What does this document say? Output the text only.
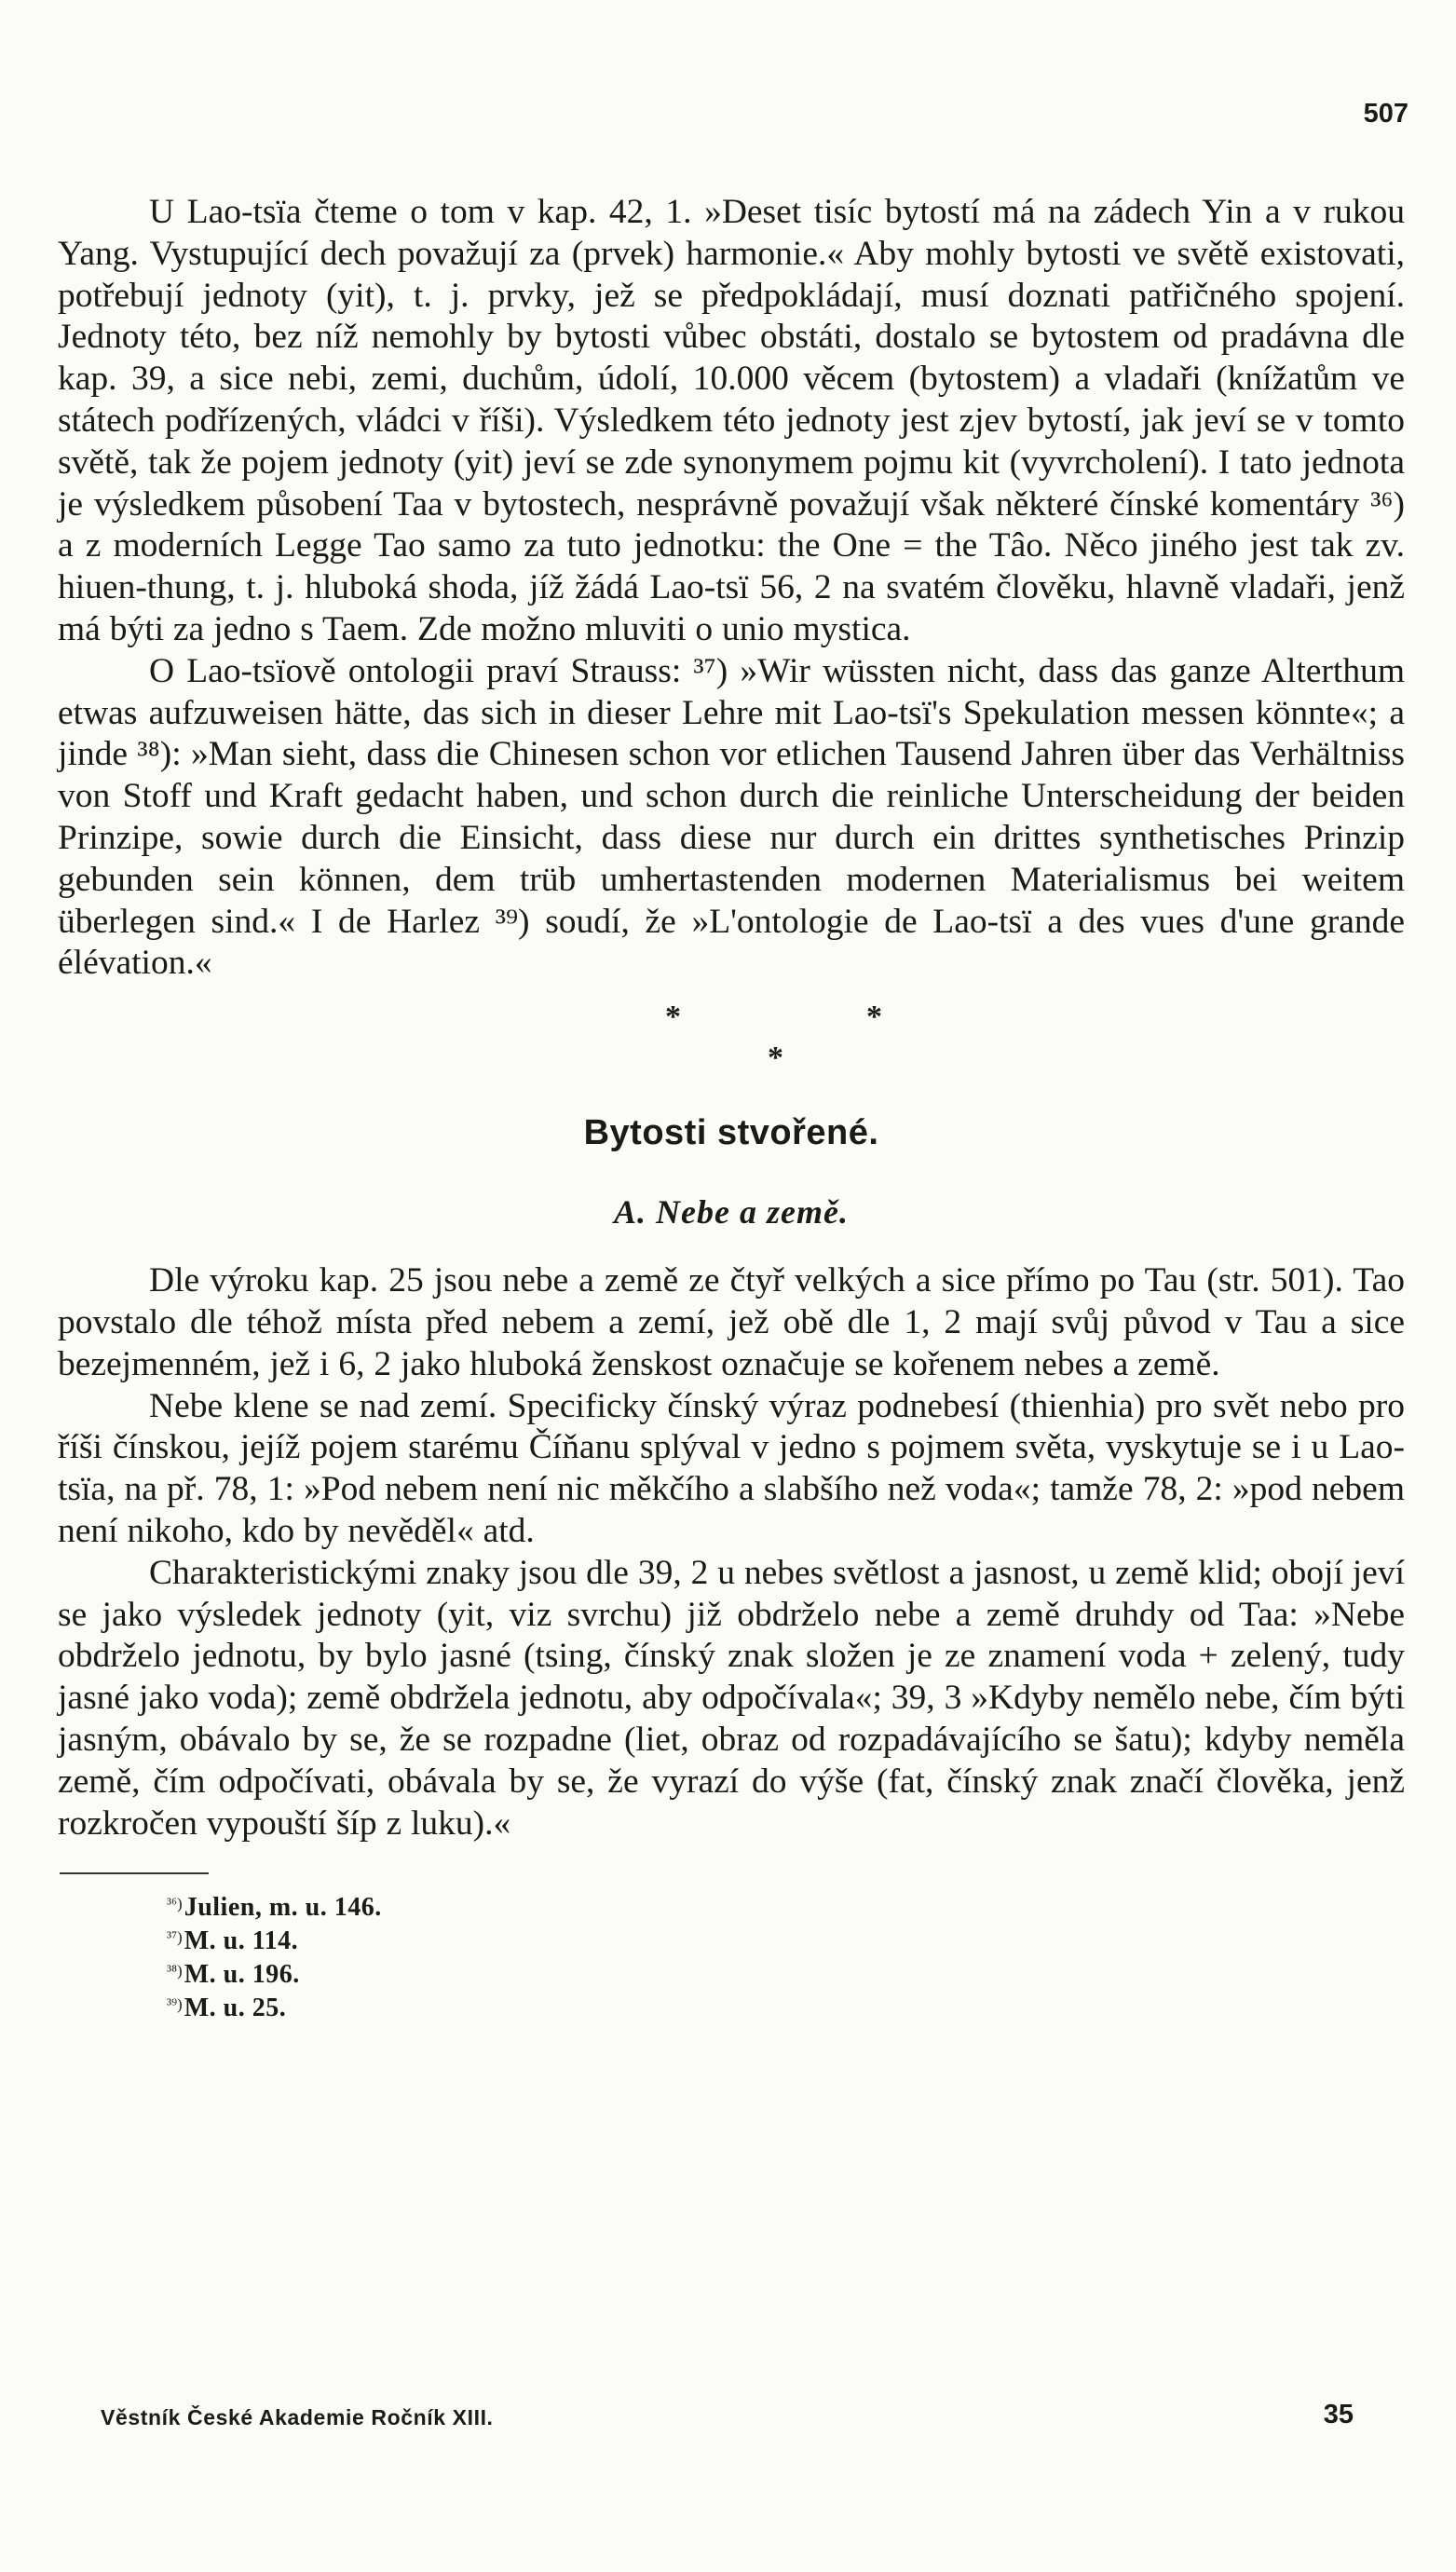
507

U Lao-tsïa čteme o tom v kap. 42, 1. »Deset tisíc bytostí má na zádech Yin a v rukou Yang. Vystupující dech považují za (prvek) harmonie.« Aby mohly bytosti ve světě existovati, potřebují jednoty (yit), t. j. prvky, jež se předpokládají, musí doznati patřičného spojení. Jednoty této, bez níž nemohly by bytosti vůbec obstáti, dostalo se bytostem od pradávna dle kap. 39, a sice nebi, zemi, duchům, údolí, 10.000 věcem (bytostem) a vladaři (knížatům ve státech podřízených, vládci v říši). Výsledkem této jednoty jest zjev bytostí, jak jeví se v tomto světě, tak že pojem jednoty (yit) jeví se zde synonymem pojmu kit (vyvrcholení). I tato jednota je výsledkem působení Taa v bytostech, nesprávně považují však některé čínské komentáry ³⁶) a z moderních Legge Tao samo za tuto jednotku: the One = the Tâo. Něco jiného jest tak zv. hiuen-thung, t. j. hluboká shoda, jíž žádá Lao-tsï 56, 2 na svatém člověku, hlavně vladaři, jenž má býti za jedno s Taem. Zde možno mluviti o unio mystica.

O Lao-tsïově ontologii praví Strauss: ³⁷) »Wir wüssten nicht, dass das ganze Alterthum etwas aufzuweisen hätte, das sich in dieser Lehre mit Lao-tsï's Spekulation messen könnte«; a jinde ³⁸): »Man sieht, dass die Chinesen schon vor etlichen Tausend Jahren über das Verhältniss von Stoff und Kraft gedacht haben, und schon durch die reinliche Unterscheidung der beiden Prinzipe, sowie durch die Einsicht, dass diese nur durch ein drittes synthetisches Prinzip gebunden sein können, dem trüb umhertastenden modernen Materialismus bei weitem überlegen sind.« I de Harlez ³⁹) soudí, že »L'ontologie de Lao-tsï a des vues d'une grande élévation.«

*	*
*
Bytosti stvořené.
A. Nebe a země.

Dle výroku kap. 25 jsou nebe a země ze čtyř velkých a sice přímo po Tau (str. 501). Tao povstalo dle téhož místa před nebem a zemí, jež obě dle 1, 2 mají svůj původ v Tau a sice bezejmenném, jež i 6, 2 jako hluboká ženskost označuje se kořenem nebes a země.

Nebe klene se nad zemí. Specificky čínský výraz podnebesí (thienhia) pro svět nebo pro říši čínskou, jejíž pojem starému Číňanu splýval v jedno s pojmem světa, vyskytuje se i u Lao-tsïa, na př. 78, 1: »Pod nebem není nic měkčího a slabšího než voda«; tamže 78, 2: »pod nebem není nikoho, kdo by nevěděl« atd.

Charakteristickými znaky jsou dle 39, 2 u nebes světlost a jasnost, u země klid; obojí jeví se jako výsledek jednoty (yit, viz svrchu) již obdrželo nebe a země druhdy od Taa: »Nebe obdrželo jednotu, by bylo jasné (tsing, čínský znak složen je ze znamení voda + zelený, tudy jasné jako voda); země obdržela jednotu, aby odpočívala«; 39, 3 »Kdyby nemělo nebe, čím býti jasným, obávalo by se, že se rozpadne (liet, obraz od rozpadávajícího se šatu); kdyby neměla země, čím odpočívati, obávala by se, že vyrazí do výše (fat, čínský znak značí člověka, jenž rozkročen vypouští šíp z luku).«

$^{^{36})}$Julien, m. u. 146.

$^{^{37})}$M. u. 114.

$^{^{38})}$M. u. 196.

$^{^{39})}$M. u. 25.

Věstník České Akademie Ročník XIII.	35
